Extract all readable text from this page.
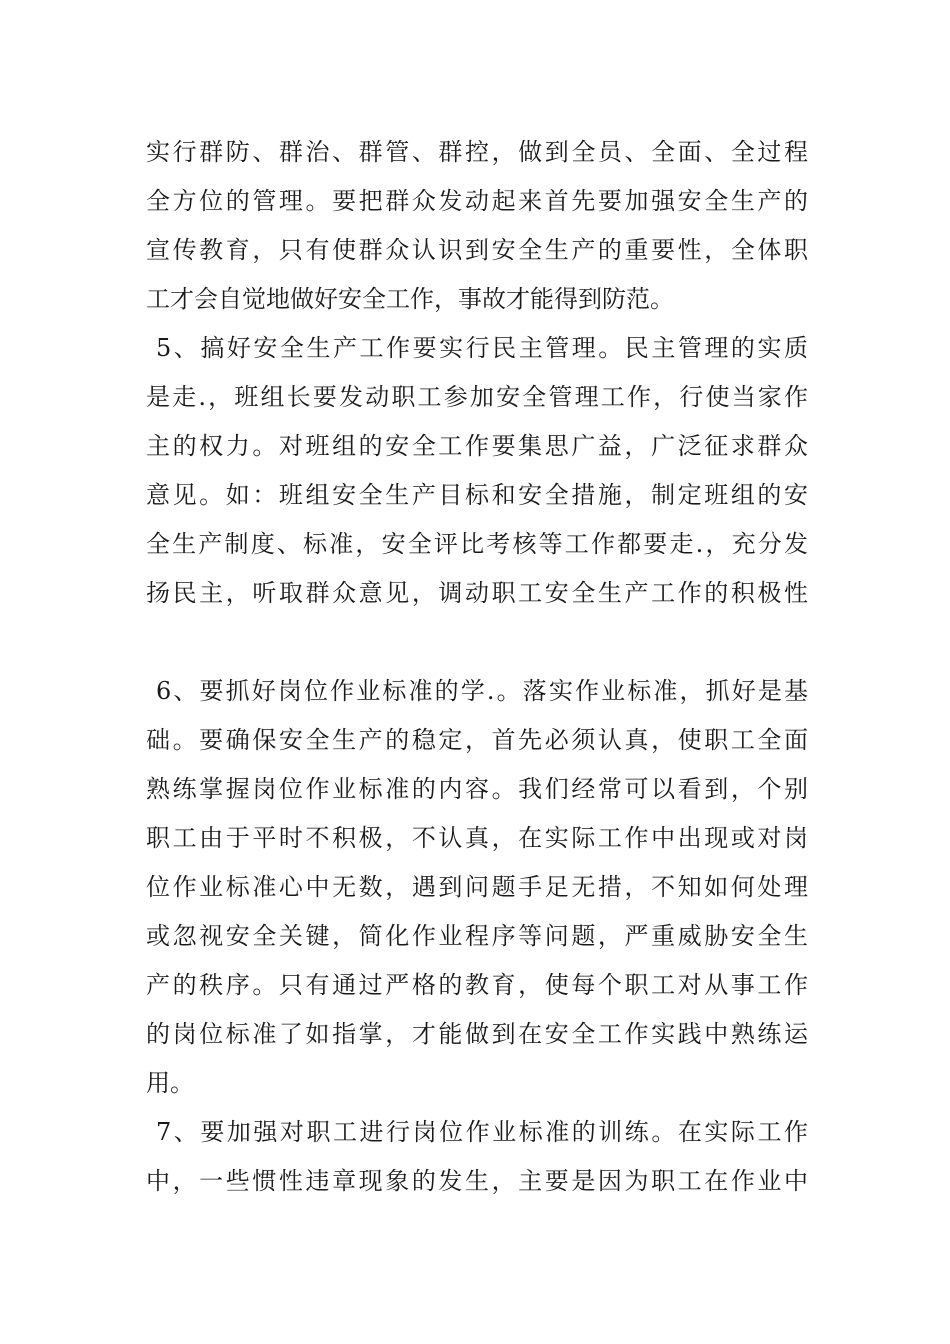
实行群防、群治、群管、群控，做到全员、全面、全过程
全方位的管理。要把群众发动起来首先要加强安全生产的
宣传教育，只有使群众认识到安全生产的重要性，全体职
工才会自觉地做好安全工作，事故才能得到防范。
5、搞好安全生产工作要实行民主管理。民主管理的实质
是走.，班组长要发动职工参加安全管理工作，行使当家作
主的权力。对班组的安全工作要集思广益，广泛征求群众
意见。如：班组安全生产目标和安全措施，制定班组的安
全生产制度、标准，安全评比考核等工作都要走.，充分发
扬民主，听取群众意见，调动职工安全生产工作的积极性
6、要抓好岗位作业标准的学.。落实作业标准，抓好是基
础。要确保安全生产的稳定，首先必须认真，使职工全面
熟练掌握岗位作业标准的内容。我们经常可以看到，个别
职工由于平时不积极，不认真，在实际工作中出现或对岗
位作业标准心中无数，遇到问题手足无措，不知如何处理
或忽视安全关键，简化作业程序等问题，严重威胁安全生
产的秩序。只有通过严格的教育，使每个职工对从事工作
的岗位标准了如指掌，才能做到在安全工作实践中熟练运
用。
7、要加强对职工进行岗位作业标准的训练。在实际工作
中，一些惯性违章现象的发生，主要是因为职工在作业中
